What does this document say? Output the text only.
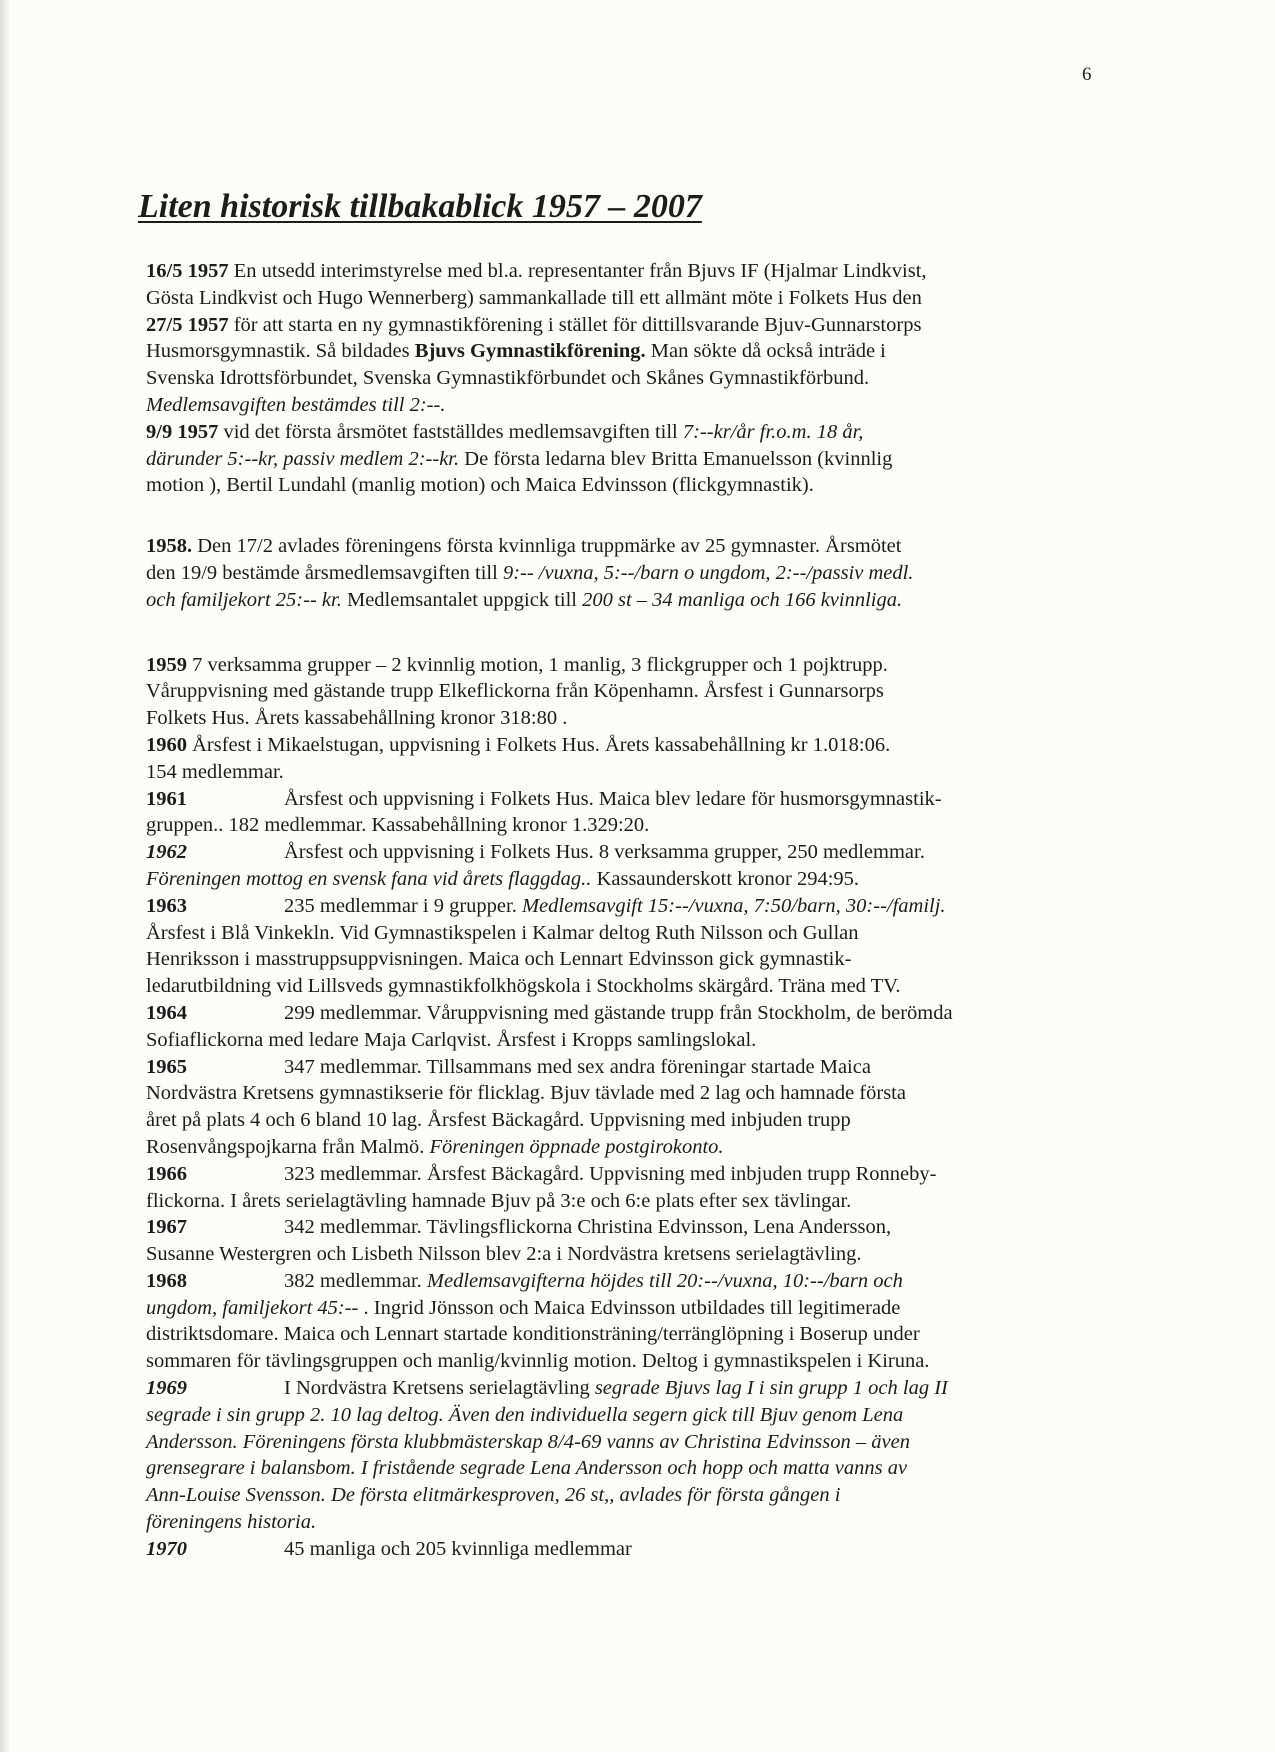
6
Liten historisk tillbakablick 1957 – 2007
16/5 1957 En utsedd interimstyrelse med bl.a. representanter från Bjuvs IF (Hjalmar Lindkvist,
Gösta Lindkvist och Hugo Wennerberg) sammankallade till ett allmänt möte i Folkets Hus den
27/5 1957 för att starta en ny gymnastikförening i stället för dittillsvarande Bjuv-Gunnarstorps
Husmorsgymnastik. Så bildades Bjuvs Gymnastikförening. Man sökte då också inträde i
Svenska Idrottsförbundet, Svenska Gymnastikförbundet och Skånes Gymnastikförbund.
Medlemsavgiften bestämdes till 2:--.
9/9 1957 vid det första årsmötet fastställdes medlemsavgiften till 7:--kr/år fr.o.m. 18 år,
därunder 5:--kr, passiv medlem 2:--kr. De första ledarna blev Britta Emanuelsson (kvinnlig
motion ), Bertil Lundahl (manlig motion) och Maica Edvinsson (flickgymnastik).
1958. Den 17/2 avlades föreningens första kvinnliga truppmärke av 25 gymnaster. Årsmötet
den 19/9 bestämde årsmedlemsavgiften till 9:-- /vuxna, 5:--/barn o ungdom, 2:--/passiv medl.
och familjekort 25:-- kr. Medlemsantalet uppgick till 200 st – 34 manliga och 166 kvinnliga.
1959 7 verksamma grupper – 2 kvinnlig motion, 1 manlig, 3 flickgrupper och 1 pojktrupp.
Våruppvisning med gästande trupp Elkeflickorna från Köpenhamn. Årsfest i Gunnarsorps
Folkets Hus. Årets kassabehållning kronor 318:80 .
1960 Årsfest i Mikaelstugan, uppvisning i Folkets Hus. Årets kassabehållning kr 1.018:06.
154 medlemmar.
1961	Årsfest och uppvisning i Folkets Hus. Maica blev ledare för husmorsgymnastik-
gruppen.. 182 medlemmar. Kassabehållning kronor 1.329:20.
1962	Årsfest och uppvisning i Folkets Hus. 8 verksamma grupper, 250 medlemmar.
Föreningen mottog en svensk fana vid årets flaggdag.. Kassaunderskott kronor 294:95.
1963	235 medlemmar i 9 grupper. Medlemsavgift 15:--/vuxna, 7:50/barn, 30:--/familj.
Årsfest i Blå Vinkekln. Vid Gymnastikspelen i Kalmar deltog Ruth Nilsson och Gullan
Henriksson i masstruppsuppvisningen. Maica och Lennart Edvinsson gick gymnastik-
ledarutbildning vid Lillsveds gymnastikfolkhögskola i Stockholms skärgård. Träna med TV.
1964	299 medlemmar. Våruppvisning med gästande trupp från Stockholm, de berömda
Sofiaflickorna med ledare Maja Carlqvist. Årsfest i Kropps samlingslokal.
1965	347 medlemmar. Tillsammans med sex andra föreningar startade Maica
Nordvästra Kretsens gymnastikserie för flicklag. Bjuv tävlade med 2 lag och hamnade första
året på plats 4 och 6 bland 10 lag. Årsfest Bäckagård. Uppvisning med inbjuden trupp
Rosenvångspojkarna från Malmö. Föreningen öppnade postgirokonto.
1966	323 medlemmar. Årsfest Bäckagård. Uppvisning med inbjuden trupp Ronneby-
flickorna. I årets serielagtävling hamnade Bjuv på 3:e och 6:e plats efter sex tävlingar.
1967	342 medlemmar. Tävlingsflickorna Christina Edvinsson, Lena Andersson,
Susanne Westergren och Lisbeth Nilsson blev 2:a i Nordvästra kretsens serielagtävling.
1968	382 medlemmar. Medlemsavgifterna höjdes till 20:--/vuxna, 10:--/barn och
ungdom, familjekort 45:-- . Ingrid Jönsson och Maica Edvinsson utbildades till legitimerade
distriktsdomare. Maica och Lennart startade konditionsträning/terränglöpning i Boserup under
sommaren för tävlingsgruppen och manlig/kvinnlig motion. Deltog i gymnastikspelen i Kiruna.
1969	I Nordvästra Kretsens serielagtävling segrade Bjuvs lag I i sin grupp 1 och lag II
segrade i sin grupp 2. 10 lag deltog. Även den individuella segern gick till Bjuv genom Lena
Andersson. Föreningens första klubbmästerskap 8/4-69 vanns av Christina Edvinsson – även
grensegrare i balansbom. I fristående segrade Lena Andersson och hopp och matta vanns av
Ann-Louise Svensson. De första elitmärkesproven, 26 st,, avlades för första gången i
föreningens historia.
1970	45 manliga och 205 kvinnliga medlemmar
